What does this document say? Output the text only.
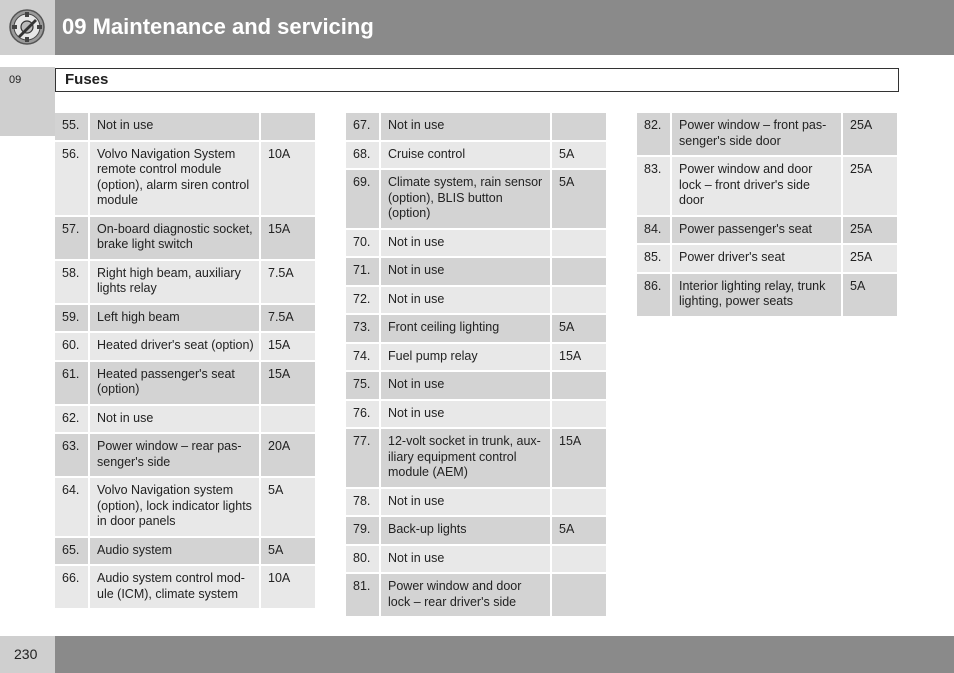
09 Maintenance and servicing
09	Fuses
55.	Not in use	
56.	Volvo Navigation System remote control module (option), alarm siren control module	10A
57.	On-board diagnostic socket, brake light switch	15A
58.	Right high beam, auxiliary lights relay	7.5A
59.	Left high beam	7.5A
60.	Heated driver's seat (option)	15A
61.	Heated passenger's seat (option)	15A
62.	Not in use	
63.	Power window – rear pas-senger's side	20A
64.	Volvo Navigation system (option), lock indicator lights in door panels	5A
65.	Audio system	5A
66.	Audio system control mod-ule (ICM), climate system	10A
67.	Not in use	
68.	Cruise control	5A
69.	Climate system, rain sensor (option), BLIS button (option)	5A
70.	Not in use	
71.	Not in use	
72.	Not in use	
73.	Front ceiling lighting	5A
74.	Fuel pump relay	15A
75.	Not in use	
76.	Not in use	
77.	12-volt socket in trunk, aux-iliary equipment control module (AEM)	15A
78.	Not in use	
79.	Back-up lights	5A
80.	Not in use	
81.	Power window and door lock – rear driver's side	
82.	Power window – front pas-senger's side door	25A
83.	Power window and door lock – front driver's side door	25A
84.	Power passenger's seat	25A
85.	Power driver's seat	25A
86.	Interior lighting relay, trunk lighting, power seats	5A
230
